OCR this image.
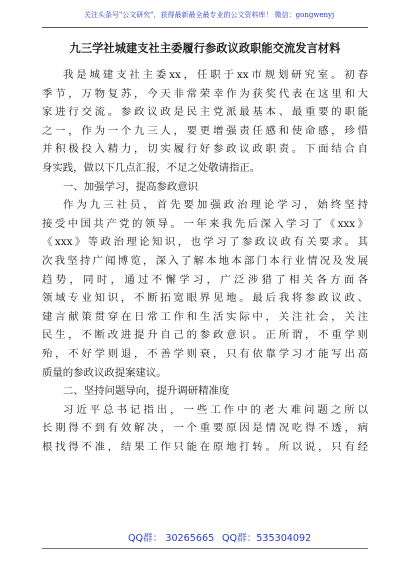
关注头条号"公文研究"，获得最新最全最专业的公文资料库！ 微信：gongwenyj
九三学社城建支社主委履行参政议政职能交流发言材料
我是城建支社主委xx，任职于xx市规划研究室。初春
季节，万物复苏，今天非常荣幸作为获奖代表在这里和大
家进行交流。参政议政是民主党派最基本、最重要的职能
之一，作为一个九三人，要更增强责任感和使命感，珍惜
并积极投入精力，切实履行好参政议政职责。下面结合自
身实践，做以下几点汇报，不足之处敬请指正。
一、加强学习，提高参政意识
作为九三社员，首先要加强政治理论学习，始终坚持
接受中国共产党的领导。一年来我先后深入学习了《xxx》
《xxx》等政治理论知识，也学习了参政议政有关要求。其
次我坚持广闻博览，深入了解本地本部门本行业情况及发展
趋势，同时，通过不懈学习，广泛涉猎了相关各方面各
领域专业知识，不断拓宽眼界见地。最后我将参政议政、
建言献策贯穿在日常工作和生活实际中，关注社会，关注
民生，不断改进提升自己的参政意识。正所谓，不重学则
殆，不好学则退，不善学则衰，只有依靠学习才能写出高
质量的参政议政提案建议。
二、坚持问题导向，提升调研精准度
习近平总书记指出，一些工作中的老大难问题之所以
长期得不到有效解决，一个重要原因是情况吃得不透，病
根找得不准，结果工作只能在原地打转。所以说，只有经
QQ群： 30265665 QQ群：535304092
